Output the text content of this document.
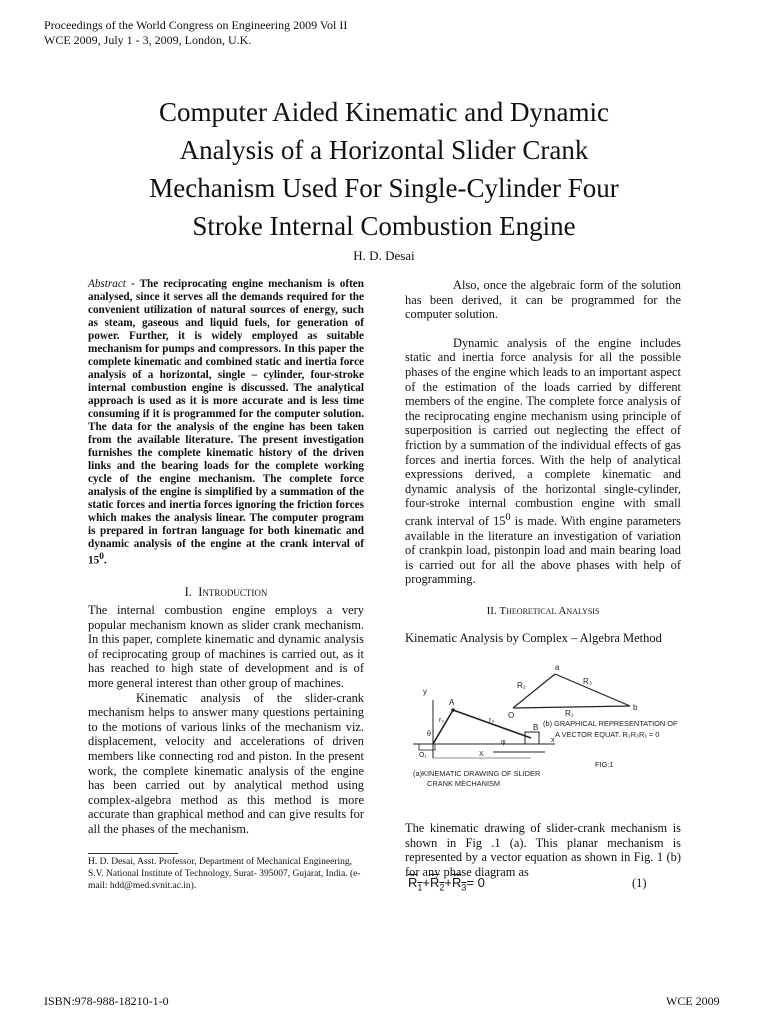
Proceedings of the World Congress on Engineering 2009 Vol II
WCE 2009, July 1 - 3, 2009, London, U.K.
Computer Aided Kinematic and Dynamic
Analysis of a Horizontal Slider Crank
Mechanism Used For Single-Cylinder Four
Stroke Internal Combustion Engine
H. D. Desai
Abstract - The reciprocating engine mechanism is often analysed, since it serves all the demands required for the convenient utilization of natural sources of energy, such as steam, gaseous and liquid fuels, for generation of power. Further, it is widely employed as suitable mechanism for pumps and compressors. In this paper the complete kinematic and combined static and inertia force analysis of a horizontal, single – cylinder, four-stroke internal combustion engine is discussed. The analytical approach is used as it is more accurate and is less time consuming if it is programmed for the computer solution. The data for the analysis of the engine has been taken from the available literature. The present investigation furnishes the complete kinematic history of the driven links and the bearing loads for the complete working cycle of the engine mechanism. The complete force analysis of the engine is simplified by a summation of the static forces and inertia forces ignoring the friction forces which makes the analysis linear. The computer program is prepared in fortran language for both kinematic and dynamic analysis of the engine at the crank interval of $15^0$.
I. Introduction

The internal combustion engine employs a very popular mechanism known as slider crank mechanism. In this paper, complete kinematic and dynamic analysis of reciprocating group of machines is carried out, as it has reached to high state of development and is of more general interest than other group of machines.

Kinematic analysis of the slider-crank mechanism helps to answer many questions pertaining to the motions of various links of the mechanism viz. displacement, velocity and accelerations of driven members like connecting rod and piston. In the present work, the complete kinematic analysis of the engine has been carried out by analytical method using complex-algebra method as this method is more accurate than graphical method and can give results for all the phases of the mechanism.

H. D. Desai, Asst. Professor, Department of Mechanical Engineering, S.V. National Institute of Technology, Surat- 395007, Gujarat, India. (e-mail: hdd@med.svnit.ac.in).

Also, once the algebraic form of the solution has been derived, it can be programmed for the computer solution.

Dynamic analysis of the engine includes static and inertia force analysis for all the possible phases of the engine which leads to an important aspect of the estimation of the loads carried by different members of the engine. The complete force analysis of the reciprocating engine mechanism using principle of superposition is carried out neglecting the effect of friction by a summation of the individual effects of gas forces and inertia forces. With the help of analytical expressions derived, a complete kinematic and dynamic analysis of the horizontal single-cylinder, four-stroke internal combustion engine with small crank interval of $15^0$ is made. With engine parameters available in the literature an investigation of variation of crankpin load, pistonpin load and main bearing load is carried out for all the above phases with help of programming.

II. Theoretical Analysis
Kinematic Analysis by Complex – Algebra Method
y
O₁
r₂
θ
A
r₃
φ
B
X
x
O
a
b
R₂	R₃
R₁
(b) GRAPHICAL REPRESENTATION OF
A VECTOR EQUAT. R₂R₃R₁ = 0
FIG:1
(a)KINEMATIC DRAWING OF SLIDER
CRANK MECHANISM
The kinematic drawing of slider-crank mechanism is shown in Fig .1 (a). This planar mechanism is represented by a vector equation as shown in Fig. 1 (b) for any phase diagram as
$R_1+R_2+R_3= 0$	(1)
ISBN:978-988-18210-1-0	WCE 2009
